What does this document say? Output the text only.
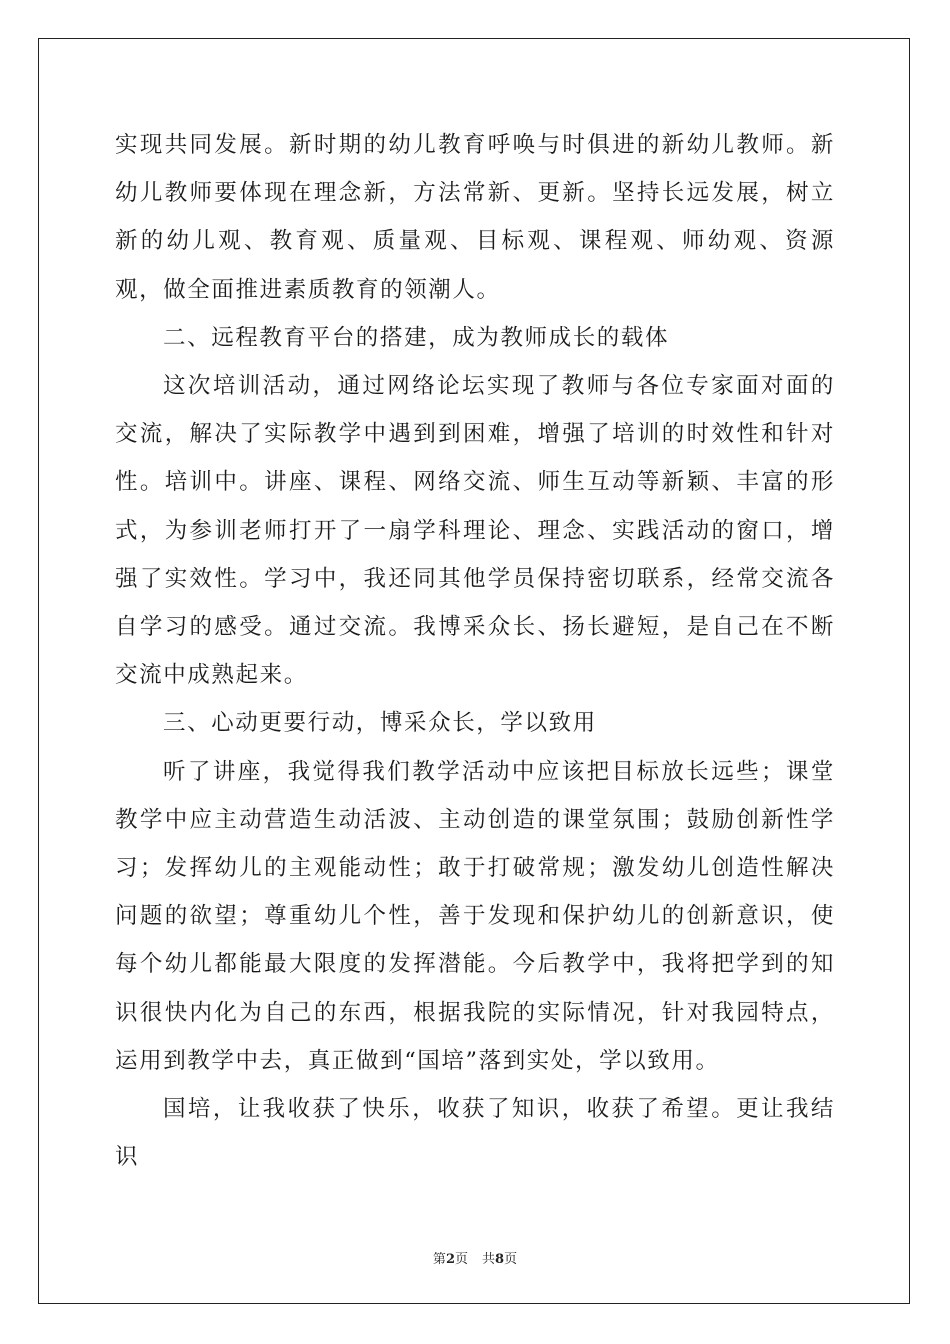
实现共同发展。新时期的幼儿教育呼唤与时俱进的新幼儿教师。新幼儿教师要体现在理念新，方法常新、更新。坚持长远发展，树立新的幼儿观、教育观、质量观、目标观、课程观、师幼观、资源观，做全面推进素质教育的领潮人。

二、远程教育平台的搭建，成为教师成长的载体

这次培训活动，通过网络论坛实现了教师与各位专家面对面的交流，解决了实际教学中遇到到困难，增强了培训的时效性和针对性。培训中。讲座、课程、网络交流、师生互动等新颖、丰富的形式，为参训老师打开了一扇学科理论、理念、实践活动的窗口，增强了实效性。学习中，我还同其他学员保持密切联系，经常交流各自学习的感受。通过交流。我博采众长、扬长避短，是自己在不断交流中成熟起来。

三、心动更要行动，博采众长，学以致用

听了讲座，我觉得我们教学活动中应该把目标放长远些；课堂教学中应主动营造生动活波、主动创造的课堂氛围；鼓励创新性学习；发挥幼儿的主观能动性；敢于打破常规；激发幼儿创造性解决问题的欲望；尊重幼儿个性，善于发现和保护幼儿的创新意识，使每个幼儿都能最大限度的发挥潜能。今后教学中，我将把学到的知识很快内化为自己的东西，根据我院的实际情况，针对我园特点，运用到教学中去，真正做到“国培”落到实处，学以致用。

国培，让我收获了快乐，收获了知识，收获了希望。更让我结识

第2页 共8页
